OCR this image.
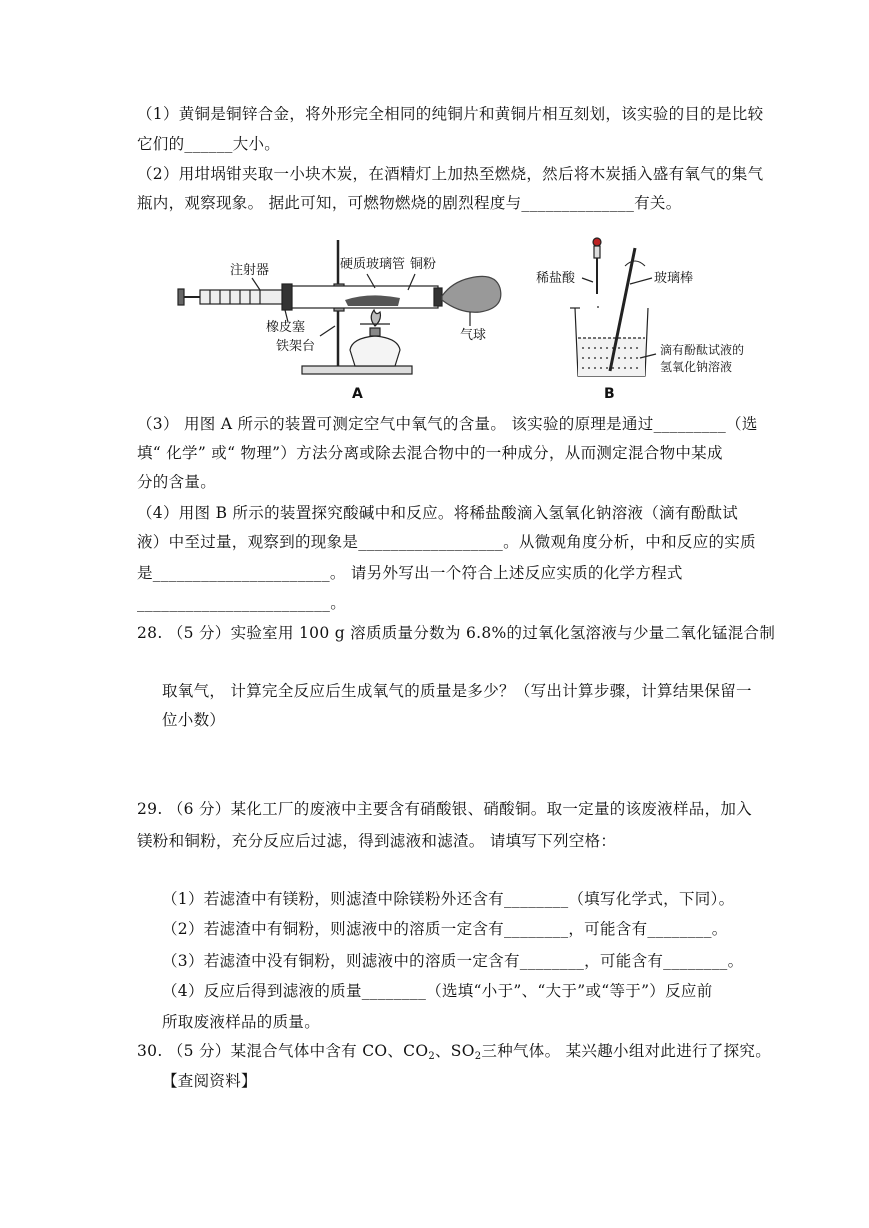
（1）黄铜是铜锌合金，将外形完全相同的纯铜片和黄铜片相互刻划，该实验的目的是比较
它们的______大小。
（2）用坩埚钳夹取一小块木炭，在酒精灯上加热至燃烧，然后将木炭插入盛有氧气的集气
瓶内，观察现象。 据此可知，可燃物燃烧的剧烈程度与______________有关。
注射器	硬质玻璃管 铜粉
橡皮塞
铁架台
气球
A
稀盐酸	玻璃棒
滴有酚酞试液的
氢氧化钠溶液
B
（3） 用图 A 所示的装置可测定空气中氧气的含量。 该实验的原理是通过_________（选
填“ 化学” 或“ 物理”）方法分离或除去混合物中的一种成分，从而测定混合物中某成
分的含量。
（4）用图 B 所示的装置探究酸碱中和反应。将稀盐酸滴入氢氧化钠溶液（滴有酚酞试
液）中至过量，观察到的现象是__________________。从微观角度分析，中和反应的实质
是______________________。 请另外写出一个符合上述反应实质的化学方程式
________________________。
28. （5 分）实验室用 100 g 溶质质量分数为 6.8%的过氧化氢溶液与少量二氧化锰混合制
取氧气， 计算完全反应后生成氧气的质量是多少？（写出计算步骤，计算结果保留一
位小数）
29. （6 分）某化工厂的废液中主要含有硝酸银、硝酸铜。取一定量的该废液样品，加入
镁粉和铜粉，充分反应后过滤，得到滤液和滤渣。 请填写下列空格：
（1）若滤渣中有镁粉，则滤渣中除镁粉外还含有________（填写化学式，下同）。
（2）若滤渣中有铜粉，则滤液中的溶质一定含有________，可能含有________。
（3）若滤渣中没有铜粉，则滤液中的溶质一定含有________，可能含有________。
（4）反应后得到滤液的质量________（选填“小于”、“大于”或“等于”）反应前
所取废液样品的质量。
30. （5 分）某混合气体中含有 CO、$CO_2$、$SO_2$三种气体。 某兴趣小组对此进行了探究。
【查阅资料】
